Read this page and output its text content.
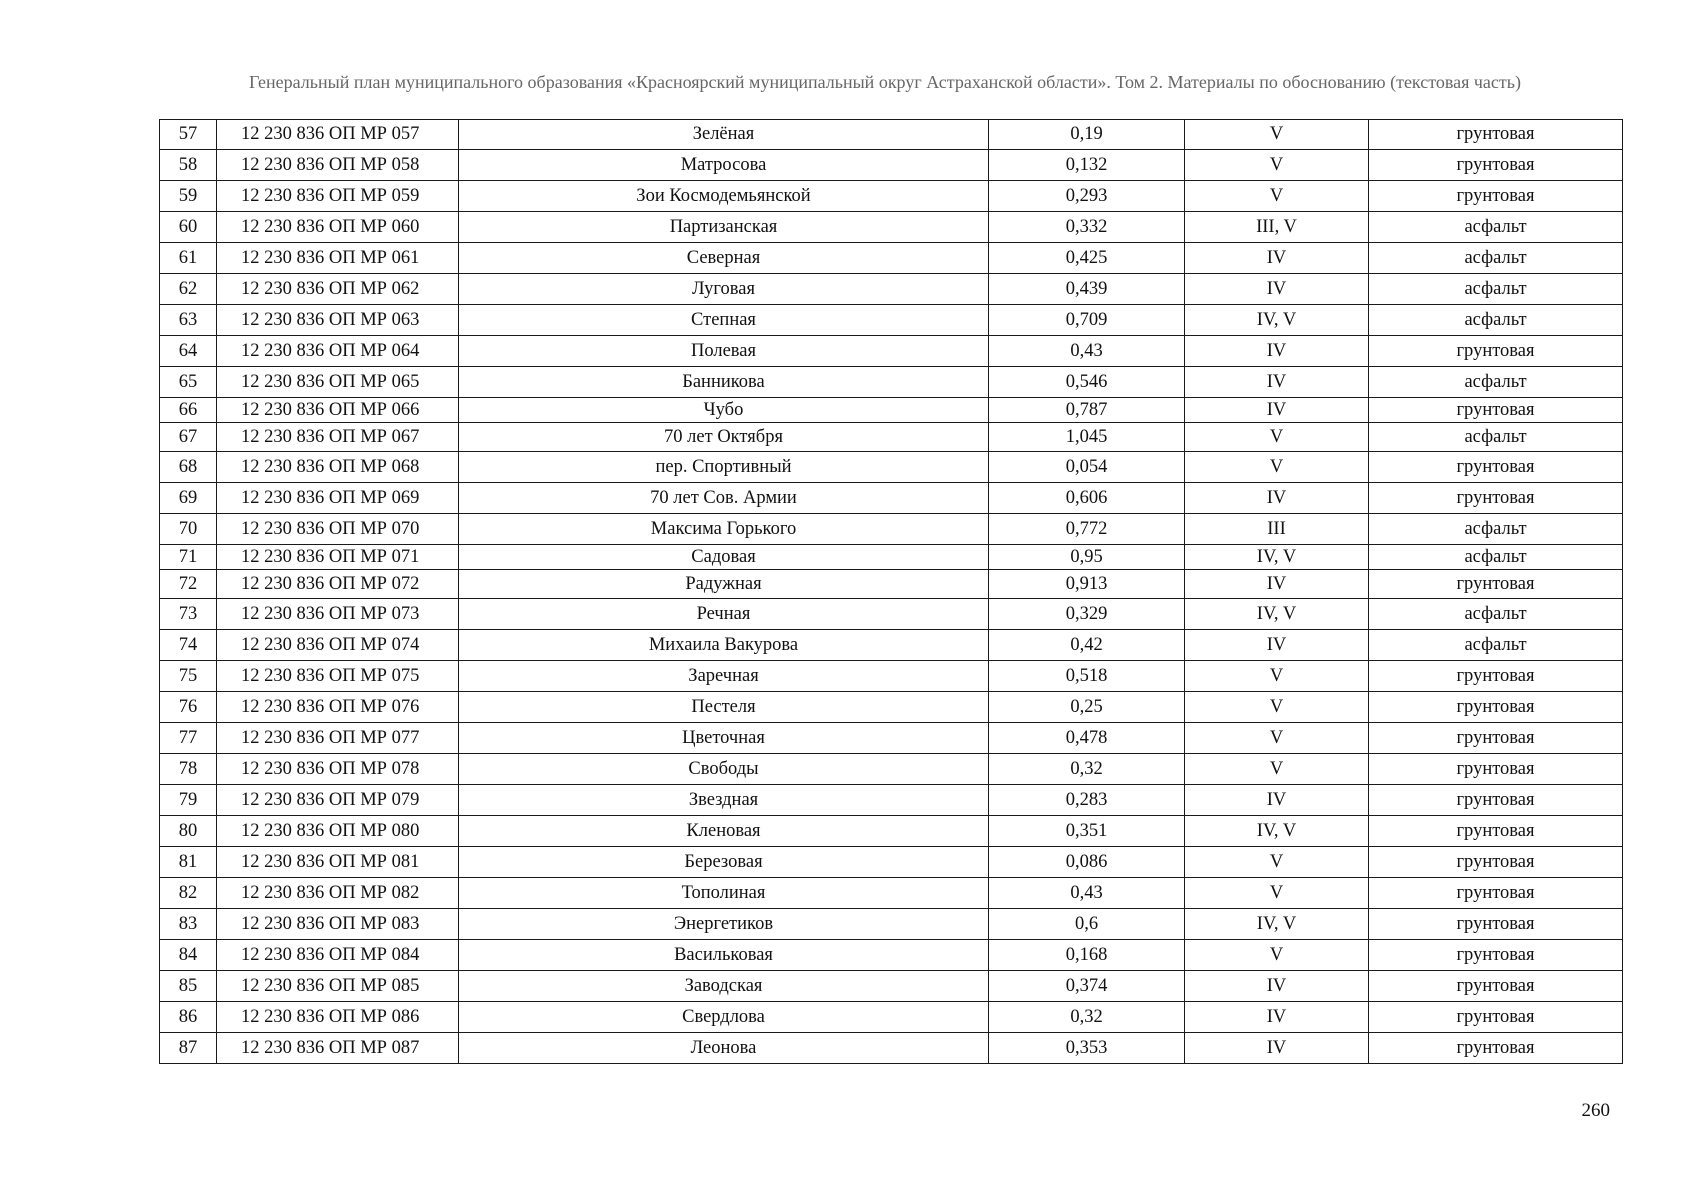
Генеральный план муниципального образования «Красноярский муниципальный округ Астраханской области». Том 2. Материалы по обоснованию (текстовая часть)
57	12 230 836 ОП МР 057	Зелёная	0,19	V	грунтовая
58	12 230 836 ОП МР 058	Матросова	0,132	V	грунтовая
59	12 230 836 ОП МР 059	Зои Космодемьянской	0,293	V	грунтовая
60	12 230 836 ОП МР 060	Партизанская	0,332	III, V	асфальт
61	12 230 836 ОП МР 061	Северная	0,425	IV	асфальт
62	12 230 836 ОП МР 062	Луговая	0,439	IV	асфальт
63	12 230 836 ОП МР 063	Степная	0,709	IV, V	асфальт
64	12 230 836 ОП МР 064	Полевая	0,43	IV	грунтовая
65	12 230 836 ОП МР 065	Банникова	0,546	IV	асфальт
66	12 230 836 ОП МР 066	Чубо	0,787	IV	грунтовая
67	12 230 836 ОП МР 067	70 лет Октября	1,045	V	асфальт
68	12 230 836 ОП МР 068	пер. Спортивный	0,054	V	грунтовая
69	12 230 836 ОП МР 069	70 лет Сов. Армии	0,606	IV	грунтовая
70	12 230 836 ОП МР 070	Максима Горького	0,772	III	асфальт
71	12 230 836 ОП МР 071	Садовая	0,95	IV, V	асфальт
72	12 230 836 ОП МР 072	Радужная	0,913	IV	грунтовая
73	12 230 836 ОП МР 073	Речная	0,329	IV, V	асфальт
74	12 230 836 ОП МР 074	Михаила Вакурова	0,42	IV	асфальт
75	12 230 836 ОП МР 075	Заречная	0,518	V	грунтовая
76	12 230 836 ОП МР 076	Пестеля	0,25	V	грунтовая
77	12 230 836 ОП МР 077	Цветочная	0,478	V	грунтовая
78	12 230 836 ОП МР 078	Свободы	0,32	V	грунтовая
79	12 230 836 ОП МР 079	Звездная	0,283	IV	грунтовая
80	12 230 836 ОП МР 080	Кленовая	0,351	IV, V	грунтовая
81	12 230 836 ОП МР 081	Березовая	0,086	V	грунтовая
82	12 230 836 ОП МР 082	Тополиная	0,43	V	грунтовая
83	12 230 836 ОП МР 083	Энергетиков	0,6	IV, V	грунтовая
84	12 230 836 ОП МР 084	Васильковая	0,168	V	грунтовая
85	12 230 836 ОП МР 085	Заводская	0,374	IV	грунтовая
86	12 230 836 ОП МР 086	Свердлова	0,32	IV	грунтовая
87	12 230 836 ОП МР 087	Леонова	0,353	IV	грунтовая
260
